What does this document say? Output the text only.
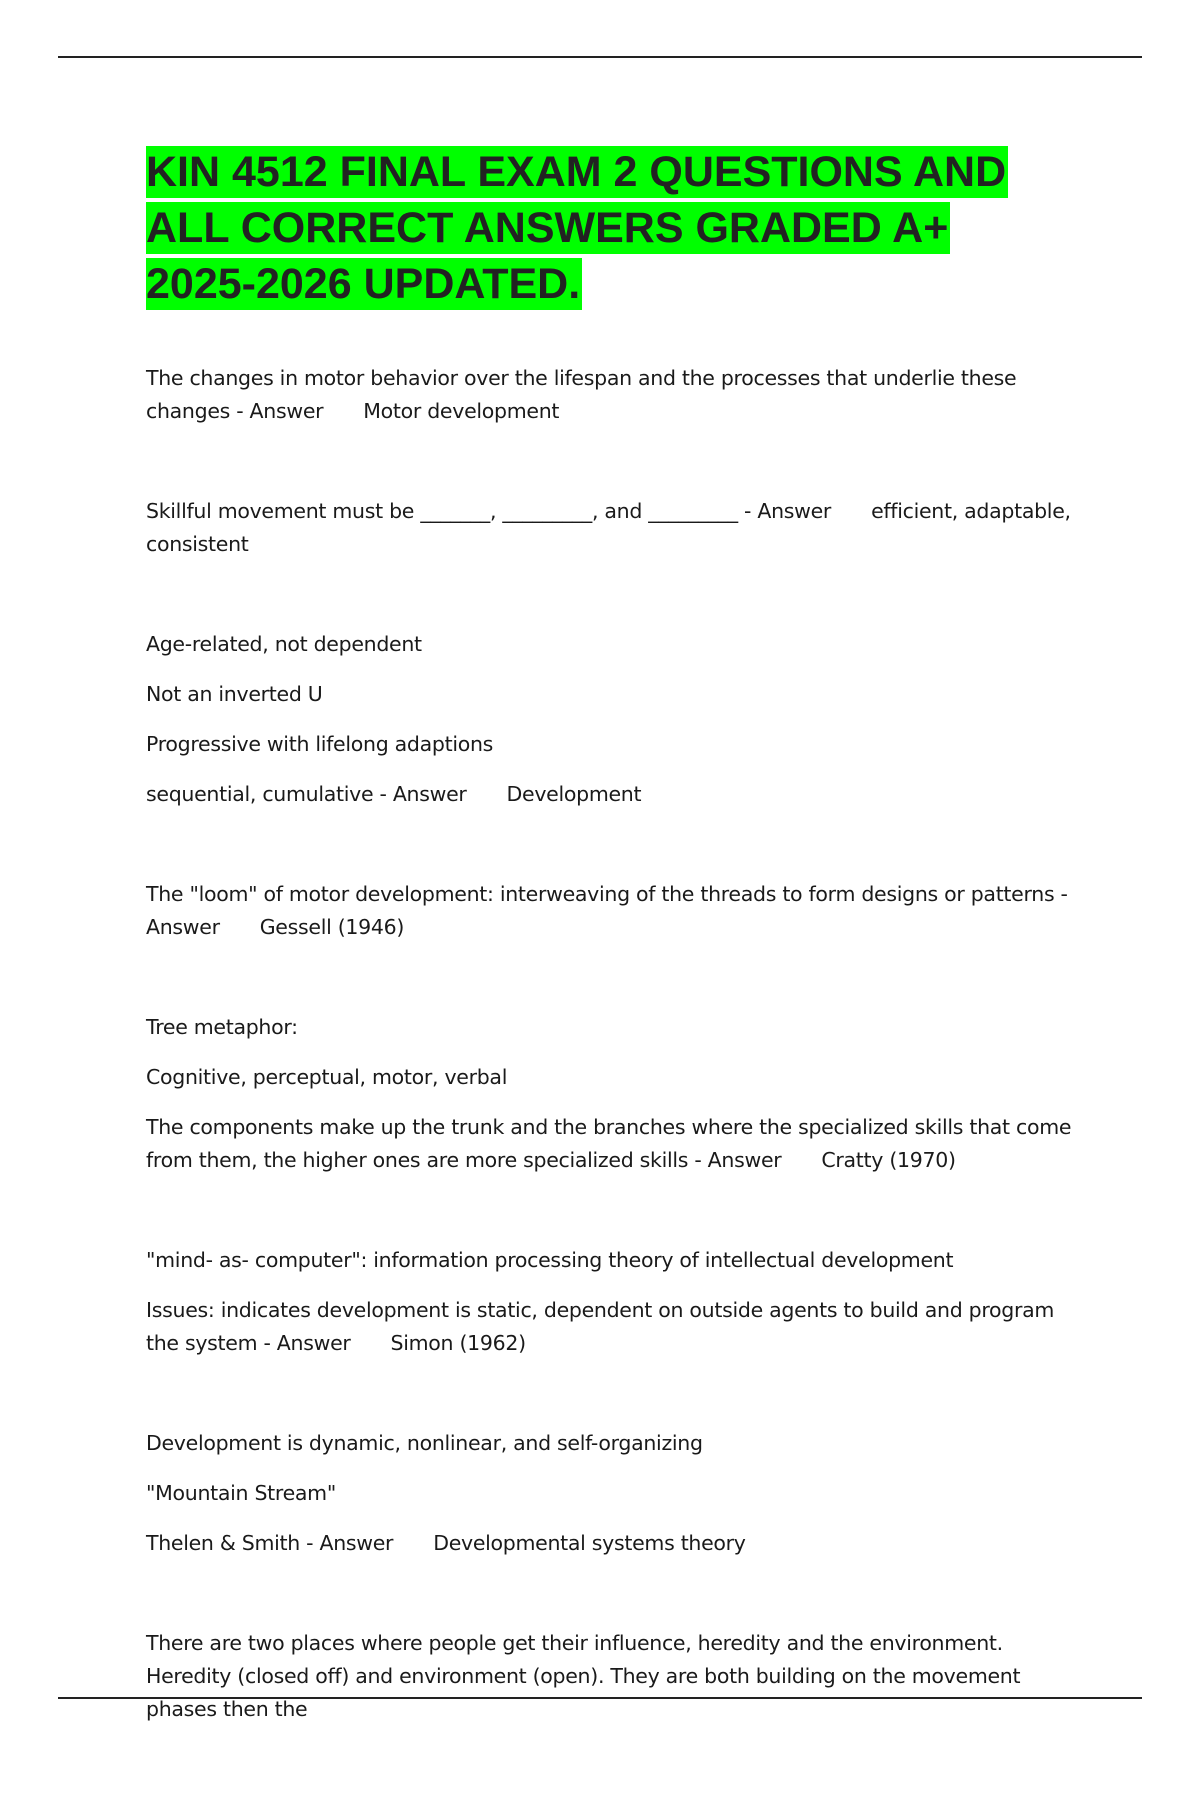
KIN 4512 FINAL EXAM 2 QUESTIONS AND ALL CORRECT ANSWERS GRADED A+ 2025-2026 UPDATED.

The changes in motor behavior over the lifespan and the processes that underlie these changes - Answer Motor development

Skillful movement must be _______, _________, and _________ - Answer efficient, adaptable, consistent

Age-related, not dependent

Not an inverted U

Progressive with lifelong adaptions

sequential, cumulative - Answer Development

The "loom" of motor development: interweaving of the threads to form designs or patterns - Answer Gessell (1946)

Tree metaphor:

Cognitive, perceptual, motor, verbal

The components make up the trunk and the branches where the specialized skills that come from them, the higher ones are more specialized skills - Answer Cratty (1970)

"mind- as- computer": information processing theory of intellectual development

Issues: indicates development is static, dependent on outside agents to build and program the system - Answer Simon (1962)

Development is dynamic, nonlinear, and self-organizing

"Mountain Stream"

Thelen & Smith - Answer Developmental systems theory

There are two places where people get their influence, heredity and the environment. Heredity (closed off) and environment (open). They are both building on the movement phases then the
